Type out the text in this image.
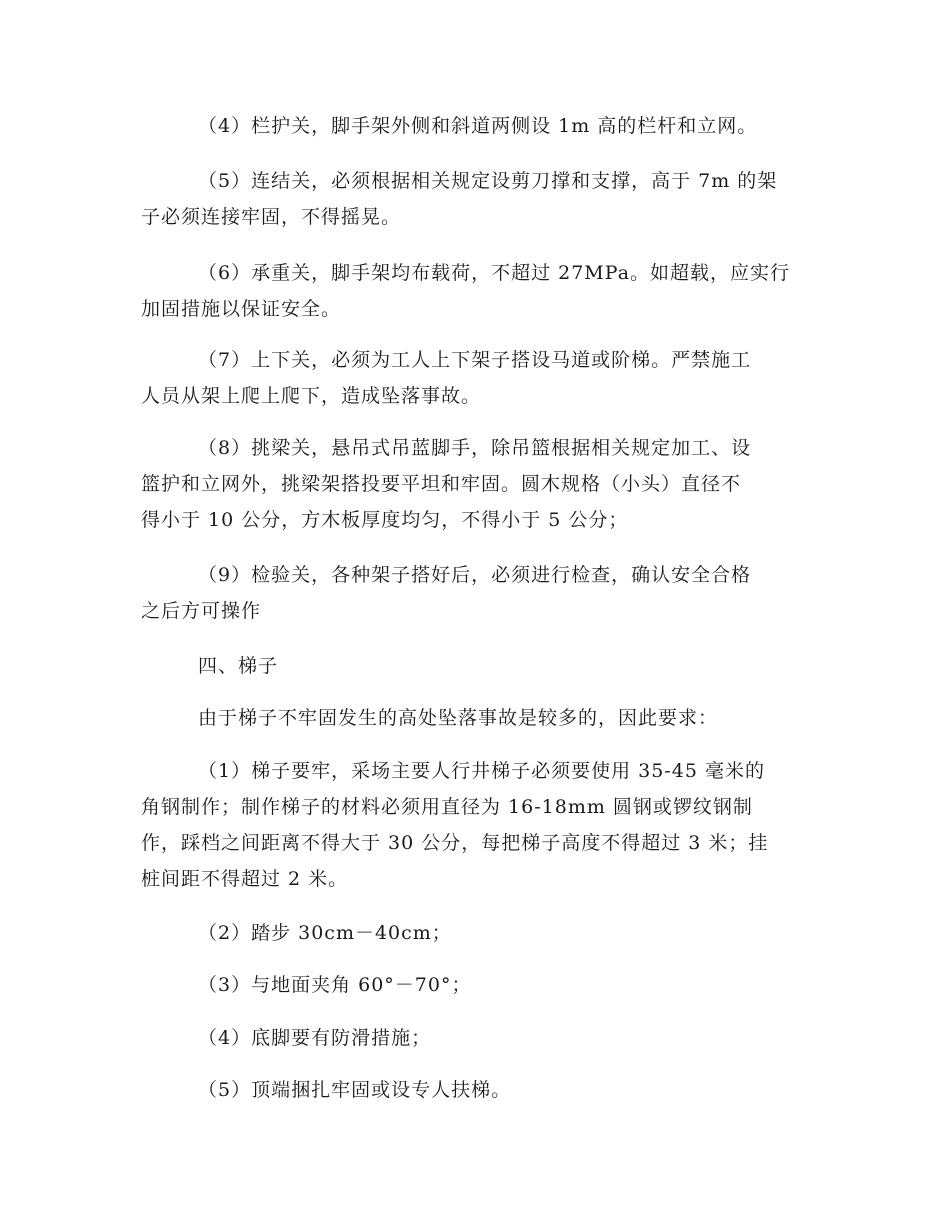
（4）栏护关，脚手架外侧和斜道两侧设 1m 高的栏杆和立网。
（5）连结关，必须根据相关规定设剪刀撑和支撑，高于 7m 的架
子必须连接牢固，不得摇晃。
（6）承重关，脚手架均布载荷，不超过 27MPa。如超载，应实行
加固措施以保证安全。
（7）上下关，必须为工人上下架子搭设马道或阶梯。严禁施工
人员从架上爬上爬下，造成坠落事故。
（8）挑梁关，悬吊式吊蓝脚手，除吊篮根据相关规定加工、设
篮护和立网外，挑梁架搭投要平坦和牢固。圆木规格（小头）直径不
得小于 10 公分，方木板厚度均匀，不得小于 5 公分；
（9）检验关，各种架子搭好后，必须进行检查，确认安全合格
之后方可操作
四、梯子
由于梯子不牢固发生的高处坠落事故是较多的，因此要求：
（1）梯子要牢，采场主要人行井梯子必须要使用 35-45 毫米的
角钢制作；制作梯子的材料必须用直径为 16-18mm 圆钢或锣纹钢制
作，踩档之间距离不得大于 30 公分，每把梯子高度不得超过 3 米；挂
桩间距不得超过 2 米。
（2）踏步 30cm－40cm；
（3）与地面夹角 60°－70°；
（4）底脚要有防滑措施；
（5）顶端捆扎牢固或设专人扶梯。
